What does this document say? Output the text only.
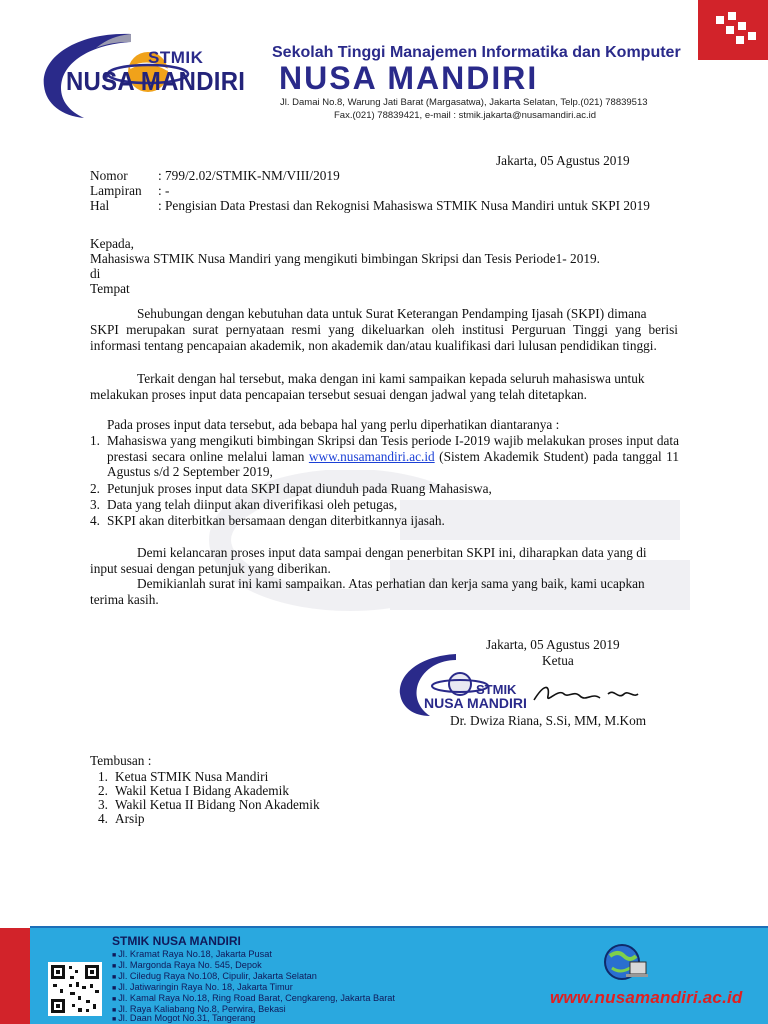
STMIK
NUSA MANDIRI
Sekolah Tinggi Manajemen Informatika dan Komputer
NUSA MANDIRI
Jl. Damai No.8, Warung Jati Barat (Margasatwa), Jakarta Selatan, Telp.(021) 78839513
Fax.(021) 78839421, e-mail : stmik.jakarta@nusamandiri.ac.id
Jakarta, 05 Agustus 2019
Nomor : 799/2.02/STMIK-NM/VIII/2019
Lampiran : -
Hal	: Pengisian Data Prestasi dan Rekognisi Mahasiswa STMIK Nusa Mandiri untuk SKPI 2019
Kepada,
Mahasiswa STMIK Nusa Mandiri yang mengikuti bimbingan Skripsi dan Tesis Periode1- 2019.
di
Tempat
Sehubungan dengan kebutuhan data untuk Surat Keterangan Pendamping Ijasah (SKPI) dimana
SKPI merupakan surat pernyataan resmi yang dikeluarkan oleh institusi Perguruan Tinggi yang berisi informasi tentang pencapaian akademik, non akademik dan/atau kualifikasi dari lulusan pendidikan tinggi.
Terkait dengan hal tersebut, maka dengan ini kami sampaikan kepada seluruh mahasiswa untuk
melakukan proses input data pencapaian tersebut sesuai dengan jadwal yang telah ditetapkan.
Pada proses input data tersebut, ada bebapa hal yang perlu diperhatikan diantaranya :
1. Mahasiswa yang mengikuti bimbingan Skripsi dan Tesis periode I-2019 wajib melakukan proses input data prestasi secara online melalui laman www.nusamandiri.ac.id (Sistem Akademik Student) pada tanggal 11 Agustus s/d 2 September 2019,
2. Petunjuk proses input data SKPI dapat diunduh pada Ruang Mahasiswa,
3. Data yang telah diinput akan diverifikasi oleh petugas,
4. SKPI akan diterbitkan bersamaan dengan diterbitkannya ijasah.
Demi kelancaran proses input data sampai dengan penerbitan SKPI ini, diharapkan data yang di
input sesuai dengan petunjuk yang diberikan.
Demikianlah surat ini kami sampaikan. Atas perhatian dan kerja sama yang baik, kami ucapkan
terima kasih.
Jakarta, 05 Agustus 2019
Ketua
STMIK
NUSA MANDIRI
Dr. Dwiza Riana, S.Si, MM, M.Kom
Tembusan :
1. Ketua STMIK Nusa Mandiri
2. Wakil Ketua I Bidang Akademik
3. Wakil Ketua II Bidang Non Akademik
4. Arsip
STMIK NUSA MANDIRI
■ Jl. Kramat Raya No.18, Jakarta Pusat
■ Jl. Margonda Raya No. 545, Depok
■ Jl. Ciledug Raya No.108, Cipulir, Jakarta Selatan
■ Jl. Jatiwaringin Raya No. 18, Jakarta Timur
■ Jl. Kamal Raya No.18, Ring Road Barat, Cengkareng, Jakarta Barat
■ Jl. Raya Kaliabang No.8, Perwira, Bekasi
■ Jl. Daan Mogot No.31, Tangerang
www.nusamandiri.ac.id
